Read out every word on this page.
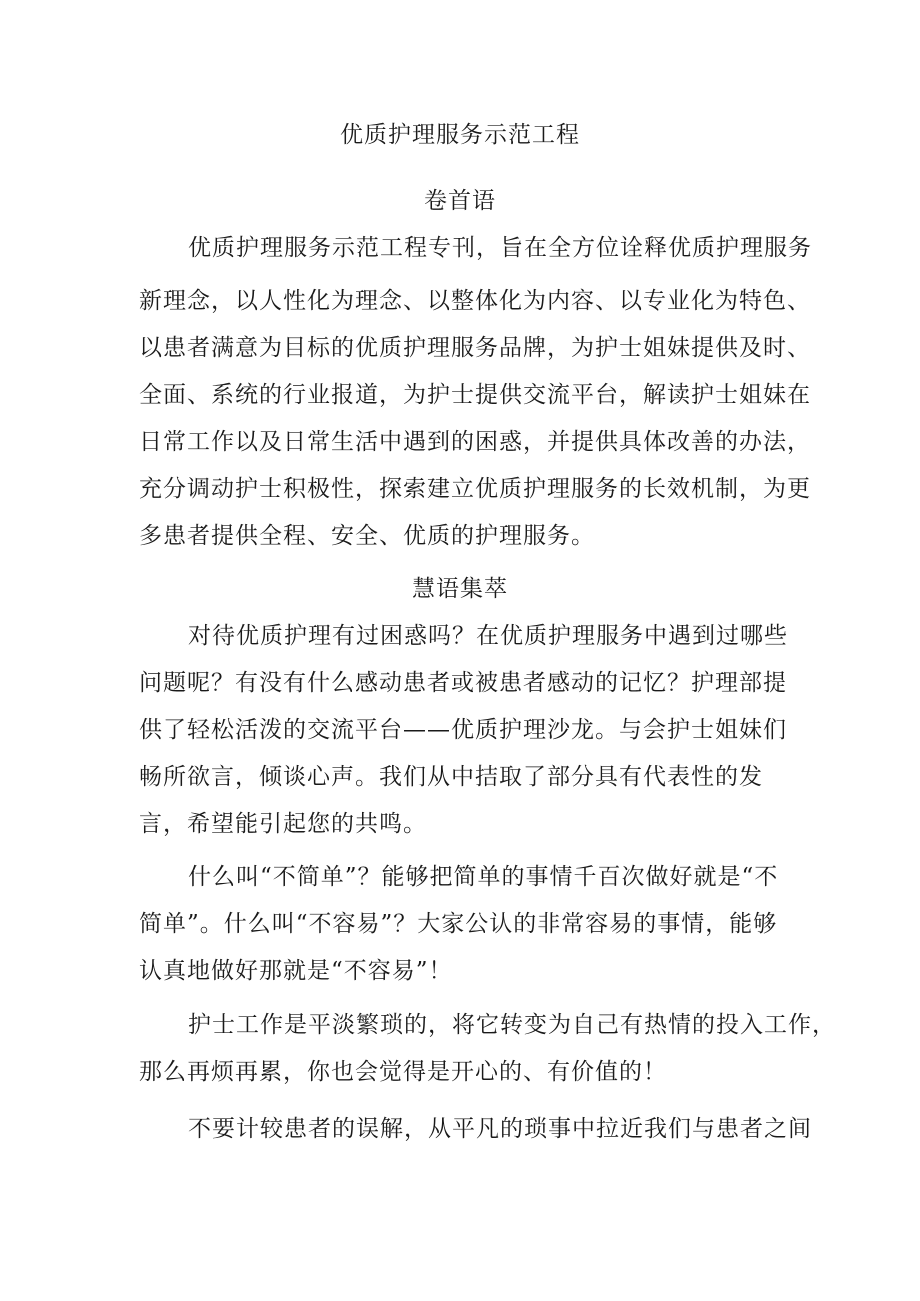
优质护理服务示范工程
卷首语
优质护理服务示范工程专刊，旨在全方位诠释优质护理服务
新理念，以人性化为理念、以整体化为内容、以专业化为特色、
以患者满意为目标的优质护理服务品牌，为护士姐妹提供及时、
全面、系统的行业报道，为护士提供交流平台，解读护士姐妹在
日常工作以及日常生活中遇到的困惑，并提供具体改善的办法，
充分调动护士积极性，探索建立优质护理服务的长效机制，为更
多患者提供全程、安全、优质的护理服务。
慧语集萃
对待优质护理有过困惑吗？在优质护理服务中遇到过哪些
问题呢？有没有什么感动患者或被患者感动的记忆？护理部提
供了轻松活泼的交流平台——优质护理沙龙。与会护士姐妹们
畅所欲言，倾谈心声。我们从中拮取了部分具有代表性的发
言，希望能引起您的共鸣。
什么叫“不简单”？能够把简单的事情千百次做好就是“不
简单”。什么叫“不容易”？大家公认的非常容易的事情，能够
认真地做好那就是“不容易”！
护士工作是平淡繁琐的，将它转变为自己有热情的投入工作，
那么再烦再累，你也会觉得是开心的、有价值的！
不要计较患者的误解，从平凡的琐事中拉近我们与患者之间
